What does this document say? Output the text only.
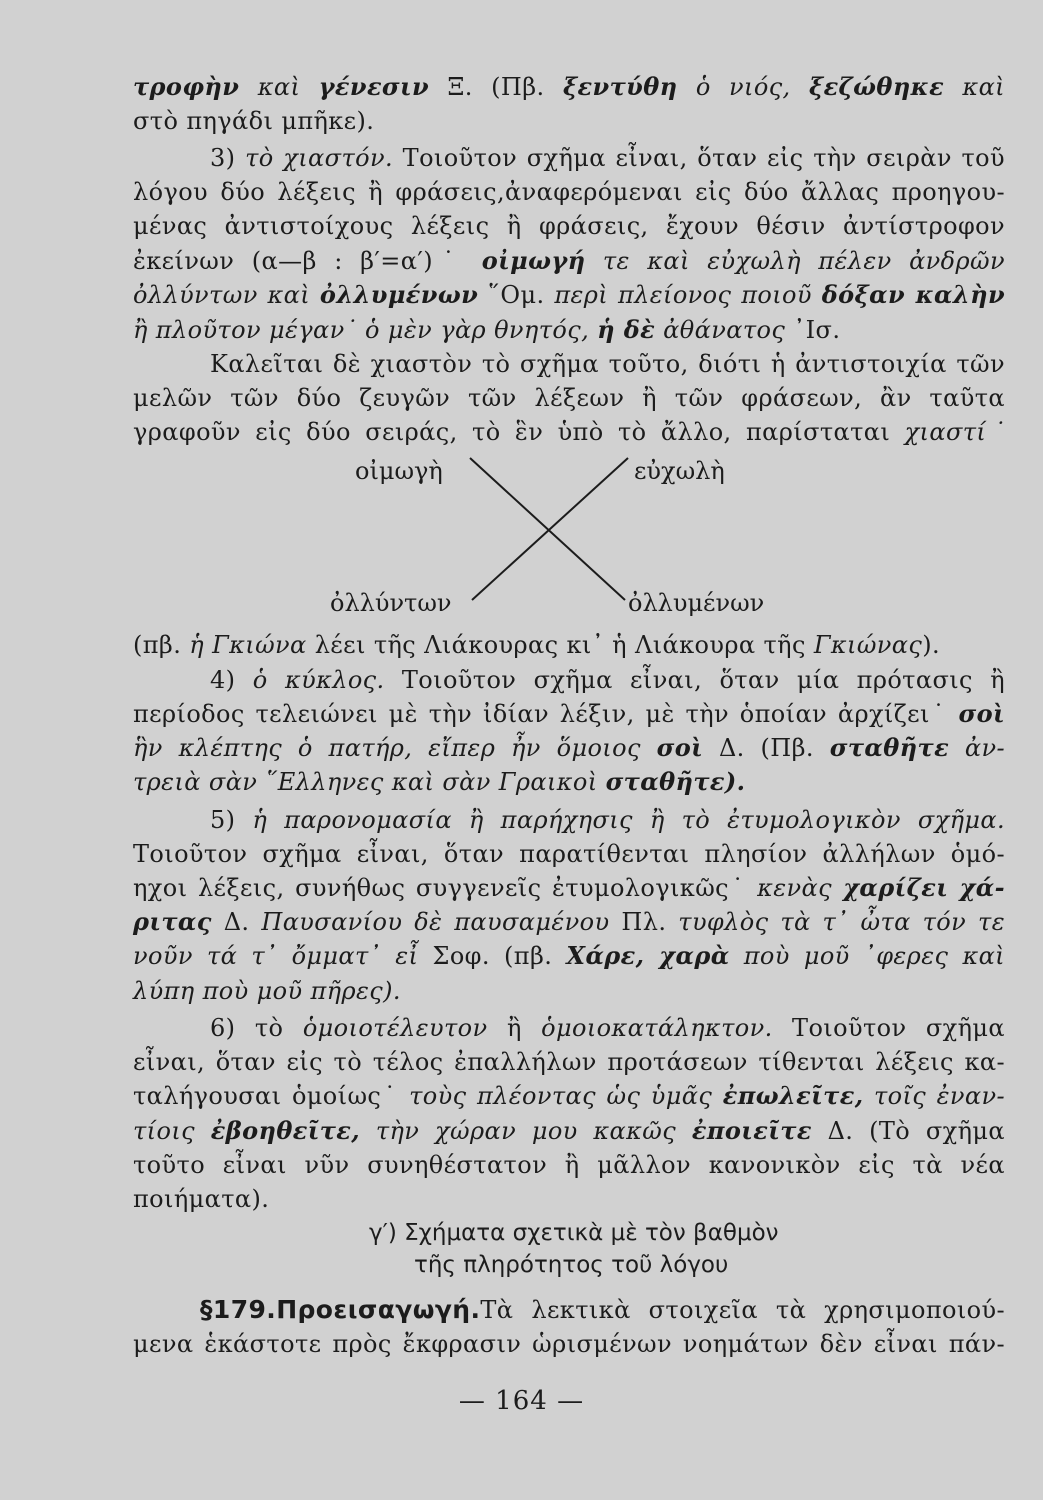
τροφὴν καὶ γένεσιν Ξ. (Πβ. ξεντύθη ὁ νιός, ξεζώθηκε καὶ
στὸ πηγάδι μπῆκε).
3) τὸ χιαστόν. Τοιοῦτον σχῆμα εἶναι, ὅταν εἰς τὴν σειρὰν τοῦ
λόγου δύο λέξεις ἢ φράσεις,ἀναφερόμεναι εἰς δύο ἄλλας προηγου-
μένας ἀντιστοίχους λέξεις ἢ φράσεις, ἔχουν θέσιν ἀντίστροφον
ἐκείνων (α—β : β′=α′)˙ οἰμωγή τε καὶ εὐχωλὴ πέλεν ἀνδρῶν
ὀλλύντων καὶ ὀλλυμένων ῞Ομ. περὶ πλείονος ποιοῦ δόξαν καλὴν
ἢ πλοῦτον μέγαν˙ ὁ μὲν γὰρ θνητός, ἡ δὲ ἀθάνατος ᾿Ισ.
Καλεῖται δὲ χιαστὸν τὸ σχῆμα τοῦτο, διότι ἡ ἀντιστοιχία τῶν
μελῶν τῶν δύο ζευγῶν τῶν λέξεων ἢ τῶν φράσεων, ἂν ταῦτα
γραφοῦν εἰς δύο σειράς, τὸ ἓν ὑπὸ τὸ ἄλλο, παρίσταται χιαστί˙
οἰμωγὴ	εὐχωλὴ
ὀλλύντων	ὀλλυμένων
(πβ. ἡ Γκιώνα λέει τῆς Λιάκουρας κι᾿ ἡ Λιάκουρα τῆς Γκιώνας).
4) ὁ κύκλος. Τοιοῦτον σχῆμα εἶναι, ὅταν μία πρότασις ἢ
περίοδος τελειώνει μὲ τὴν ἰδίαν λέξιν, μὲ τὴν ὁποίαν ἀρχίζει˙ σοὶ
ἣν κλέπτης ὁ πατήρ, εἴπερ ἦν ὅμοιος σοὶ Δ. (Πβ. σταθῆτε ἀν-
τρειὰ σὰν ῞Ελληνες καὶ σὰν Γραικοὶ σταθῆτε).
5) ἡ παρονομασία ἢ παρήχησις ἢ τὸ ἐτυμολογικὸν σχῆμα.
Τοιοῦτον σχῆμα εἶναι, ὅταν παρατίθενται πλησίον ἀλλήλων ὁμό-
ηχοι λέξεις, συνήθως συγγενεῖς ἐτυμολογικῶς˙ κενὰς χαρίζει χά-
ριτας Δ. Παυσανίου δὲ παυσαμένου Πλ. τυφλὸς τὰ τ᾿ ὦτα τόν τε
νοῦν τά τ᾿ ὄμματ᾿ εἶ Σοφ. (πβ. Χάρε, χαρὰ ποὺ μοῦ ᾿φερες καὶ
λύπη ποὺ μοῦ πῆρες).
6) τὸ ὁμοιοτέλευτον ἢ ὁμοιοκατάληκτον. Τοιοῦτον σχῆμα
εἶναι, ὅταν εἰς τὸ τέλος ἐπαλλήλων προτάσεων τίθενται λέξεις κα-
ταλήγουσαι ὁμοίως˙ τοὺς πλέοντας ὡς ὑμᾶς ἐπωλεῖτε, τοῖς ἐναν-
τίοις ἐβοηθεῖτε, τὴν χώραν μου κακῶς ἐποιεῖτε Δ. (Τὸ σχῆμα
τοῦτο εἶναι νῦν συνηθέστατον ἢ μᾶλλον κανονικὸν εἰς τὰ νέα
ποιήματα).
γ′) Σχήματα σχετικὰ μὲ τὸν βαθμὸν
τῆς πληρότητος τοῦ λόγου
§179.Προεισαγωγή.Τὰ λεκτικὰ στοιχεῖα τὰ χρησιμοποιού-
μενα ἑκάστοτε πρὸς ἔκφρασιν ὡρισμένων νοημάτων δὲν εἶναι πάν-
— 164 —
